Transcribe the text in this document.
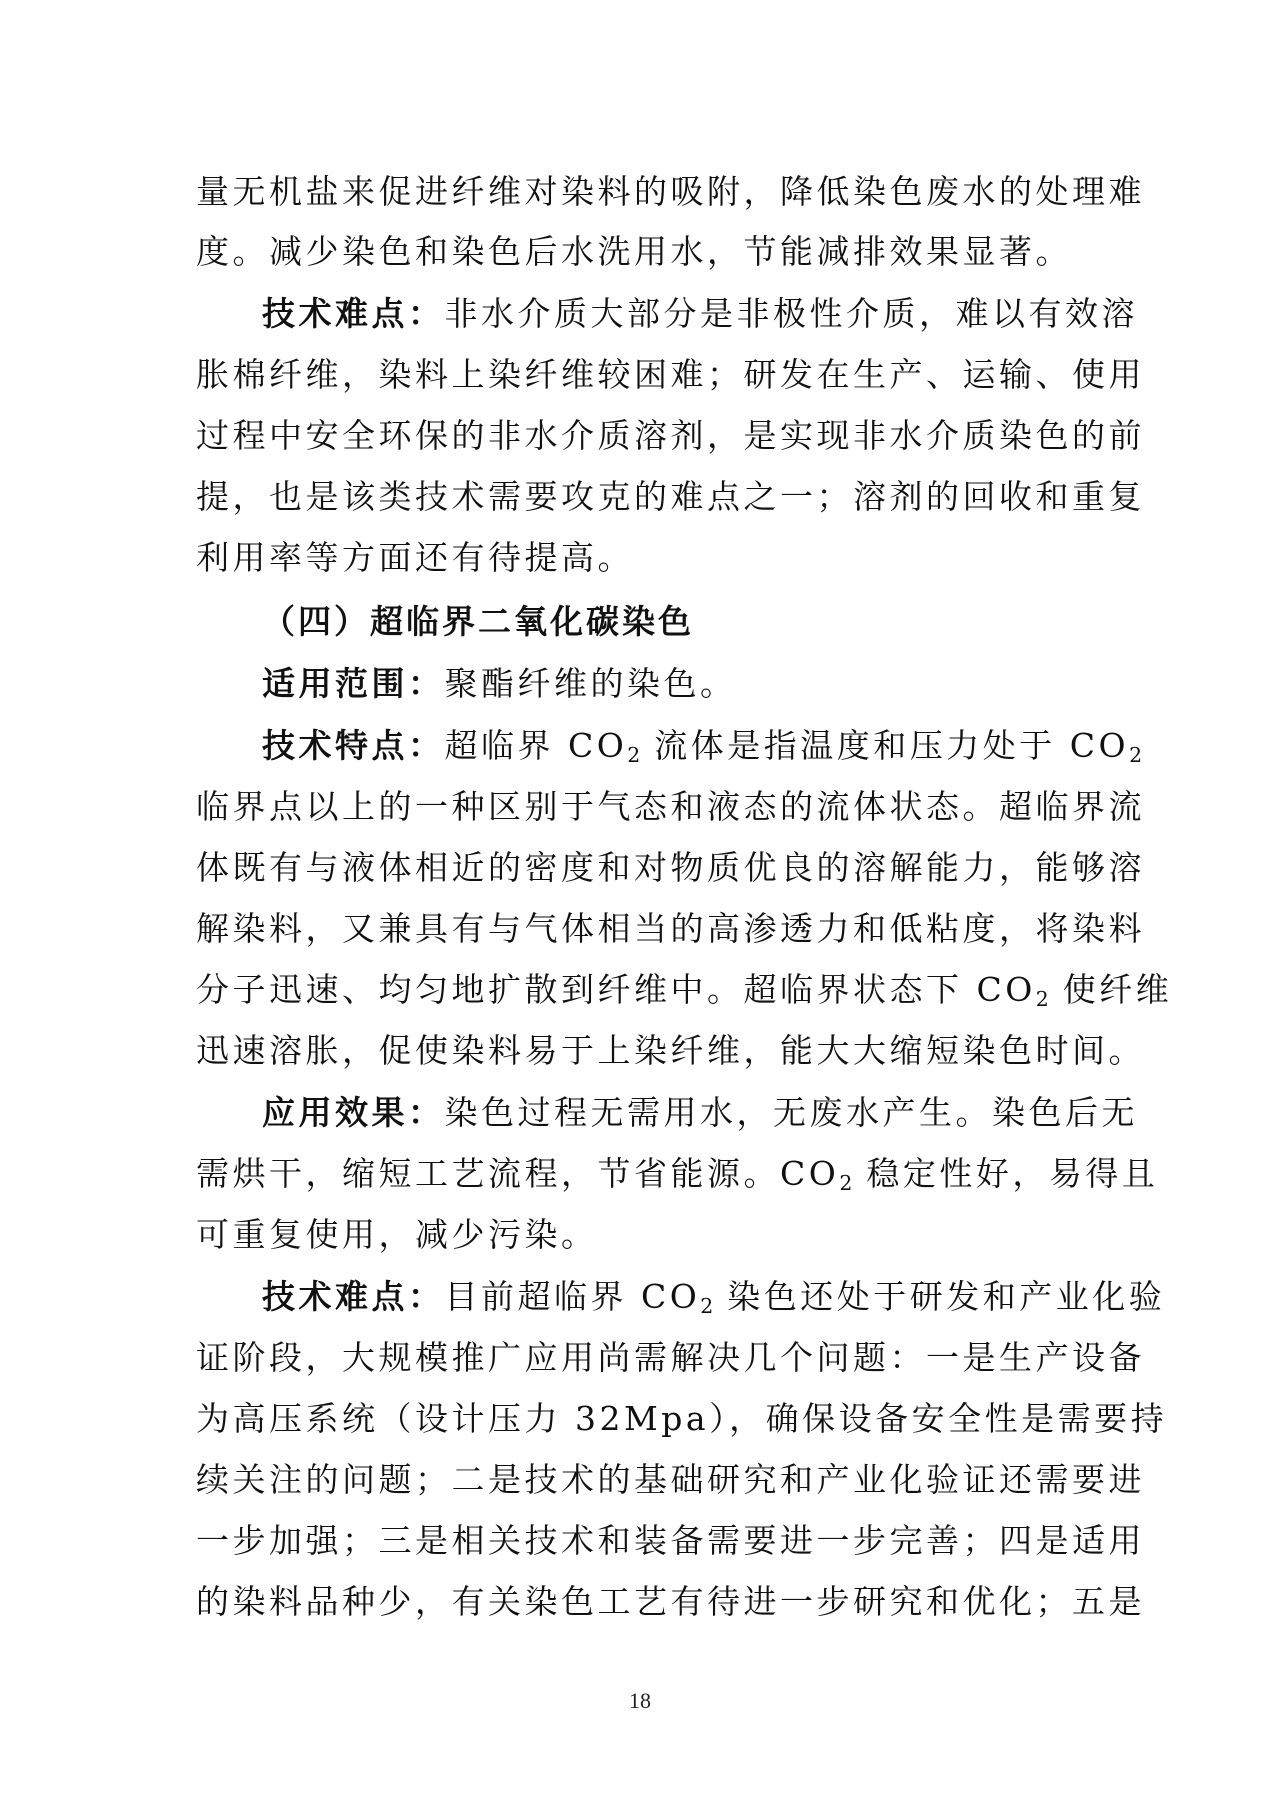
量无机盐来促进纤维对染料的吸附，降低染色废水的处理难
度。减少染色和染色后水洗用水，节能减排效果显著。
技术难点：非水介质大部分是非极性介质，难以有效溶
胀棉纤维，染料上染纤维较困难；研发在生产、运输、使用
过程中安全环保的非水介质溶剂，是实现非水介质染色的前
提，也是该类技术需要攻克的难点之一；溶剂的回收和重复
利用率等方面还有待提高。
（四）超临界二氧化碳染色
适用范围：聚酯纤维的染色。
技术特点：超临界 $CO_2$ 流体是指温度和压力处于 $CO_2$
临界点以上的一种区别于气态和液态的流体状态。超临界流
体既有与液体相近的密度和对物质优良的溶解能力，能够溶
解染料，又兼具有与气体相当的高渗透力和低粘度，将染料
分子迅速、均匀地扩散到纤维中。超临界状态下 $CO_2$ 使纤维
迅速溶胀，促使染料易于上染纤维，能大大缩短染色时间。
应用效果：染色过程无需用水，无废水产生。染色后无
需烘干，缩短工艺流程，节省能源。$CO_2$ 稳定性好，易得且
可重复使用，减少污染。
技术难点：目前超临界 $CO_2$ 染色还处于研发和产业化验
证阶段，大规模推广应用尚需解决几个问题：一是生产设备
为高压系统（设计压力 32Mpa），确保设备安全性是需要持
续关注的问题；二是技术的基础研究和产业化验证还需要进
一步加强；三是相关技术和装备需要进一步完善；四是适用
的染料品种少，有关染色工艺有待进一步研究和优化；五是
18
